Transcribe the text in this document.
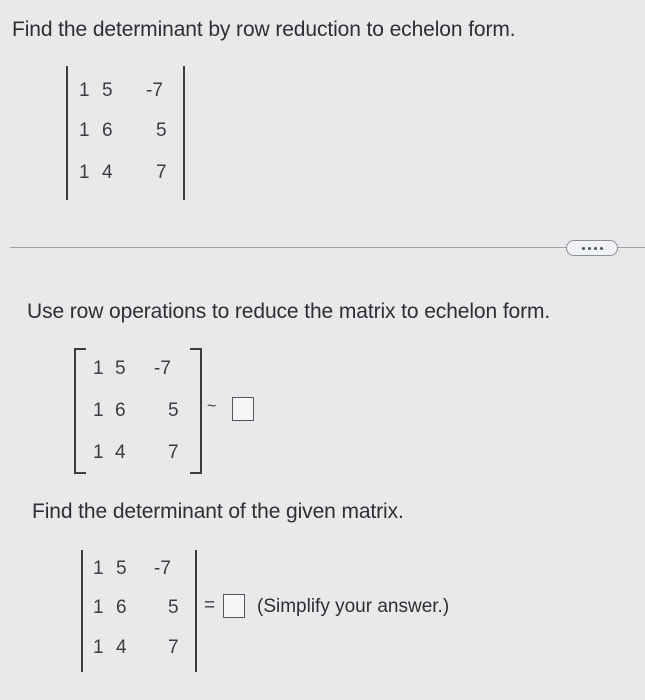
Find the determinant by row reduction to echelon form.
1 5 -7
1 6 5
1 4 7
Use row operations to reduce the matrix to echelon form.
1 5 -7
1 6 5
1 4 7
~
Find the determinant of the given matrix.
1 5 -7
1 6 5
1 4 7
= (Simplify your answer.)
